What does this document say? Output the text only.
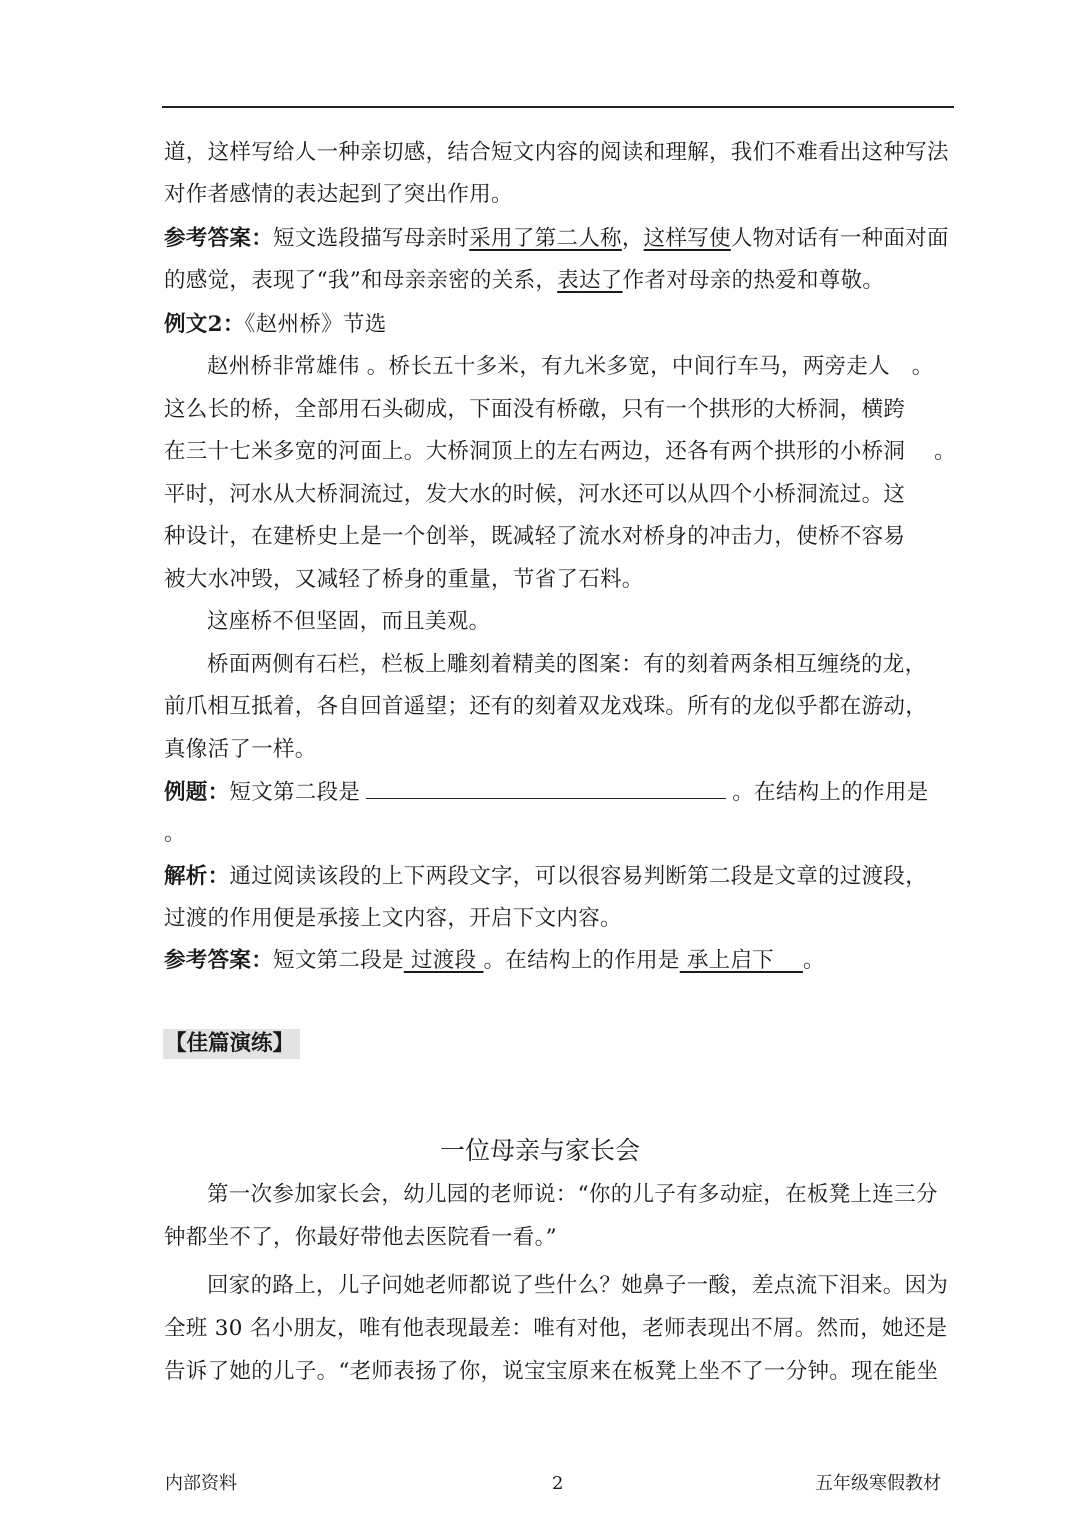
道，这样写给人一种亲切感，结合短文内容的阅读和理解，我们不难看出这种写法
对作者感情的表达起到了突出作用。
参考答案：短文选段描写母亲时采用了第二人称，这样写使人物对话有一种面对面
的感觉，表现了“我”和母亲亲密的关系，表达了作者对母亲的热爱和尊敬。
例文2：《赵州桥》节选
赵州桥非常雄伟 。桥长五十多米，有九米多宽，中间行车马，两旁走人　。
这么长的桥，全部用石头砌成，下面没有桥礅，只有一个拱形的大桥洞，横跨
在三十七米多宽的河面上。大桥洞顶上的左右两边，还各有两个拱形的小桥洞　 。
平时，河水从大桥洞流过，发大水的时候，河水还可以从四个小桥洞流过。这
种设计，在建桥史上是一个创举，既减轻了流水对桥身的冲击力，使桥不容易
被大水冲毁，又减轻了桥身的重量，节省了石料。
这座桥不但坚固，而且美观。
桥面两侧有石栏，栏板上雕刻着精美的图案：有的刻着两条相互缠绕的龙，
前爪相互抵着，各自回首遥望；还有的刻着双龙戏珠。所有的龙似乎都在游动，
真像活了一样。
例题：短文第二段是	。在结构上的作用是
。
解析：通过阅读该段的上下两段文字，可以很容易判断第二段是文章的过渡段，
过渡的作用便是承接上文内容，开启下文内容。
参考答案：短文第二段是 过渡段 。在结构上的作用是 承上启下　 。
【佳篇演练】
一位母亲与家长会
第一次参加家长会，幼儿园的老师说：“你的儿子有多动症，在板凳上连三分
钟都坐不了，你最好带他去医院看一看。”
回家的路上，儿子问她老师都说了些什么？她鼻子一酸，差点流下泪来。因为
全班 30 名小朋友，唯有他表现最差：唯有对他，老师表现出不屑。然而，她还是
告诉了她的儿子。“老师表扬了你，说宝宝原来在板凳上坐不了一分钟。现在能坐
内部资料	2	五年级寒假教材
